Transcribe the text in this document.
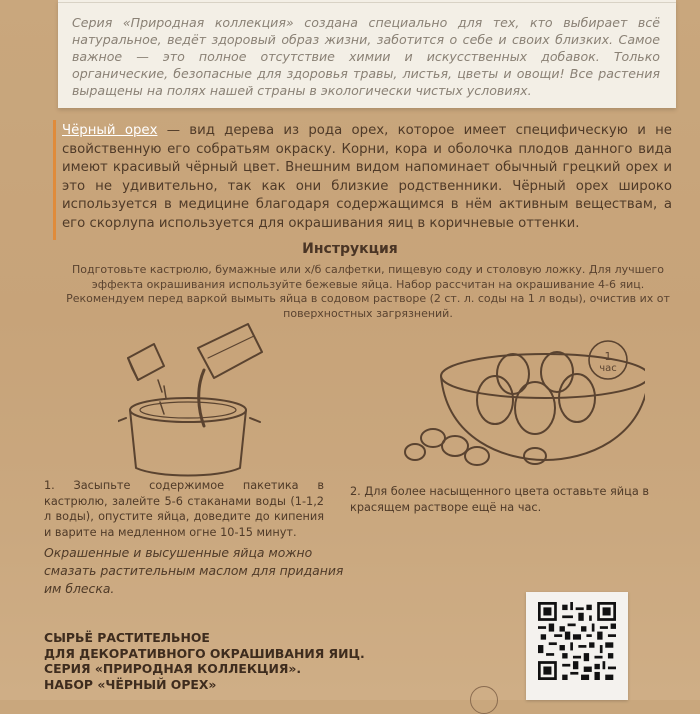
Серия «Природная коллекция» создана специально для тех, кто выбирает всё натуральное, ведёт здоровый образ жизни, заботится о себе и своих близких. Самое важное — это полное отсутствие химии и искусственных добавок. Только органические, безопасные для здоровья травы, листья, цветы и овощи! Все растения выращены на полях нашей страны в экологически чистых условиях.

Чёрный орех — вид дерева из рода орех, которое имеет специфическую и не свойственную его собратьям окраску. Корни, кора и оболочка плодов данного вида имеют красивый чёрный цвет. Внешним видом напоминает обычный грецкий орех и это не удивительно, так как они близкие родственники. Чёрный орех широко используется в медицине благодаря содержащимся в нём активным веществам, а его скорлупа используется для окрашивания яиц в коричневые оттенки.

Инструкция

Подготовьте кастрюлю, бумажные или х/б салфетки, пищевую соду и столовую ложку. Для лучшего эффекта окрашивания используйте бежевые яйца. Набор рассчитан на окрашивание 4-6 яиц. Рекомендуем перед варкой вымыть яйца в содовом растворе (2 ст. л. соды на 1 л воды), очистив их от поверхностных загрязнений.

1
час

1. Засыпьте содержимое пакетика в кастрюлю, залейте 5-6 стаканами воды (1-1,2 л воды), опустите яйца, доведите до кипения и варите на медленном огне 10-15 минут.

2. Для более насыщенного цвета оставьте яйца в красящем растворе ещё на час.

Окрашенные и высушенные яйца можно смазать растительным маслом для придания им блеска.

СЫРЬЁ РАСТИТЕЛЬНОЕ
ДЛЯ ДЕКОРАТИВНОГО ОКРАШИВАНИЯ ЯИЦ.
СЕРИЯ «ПРИРОДНАЯ КОЛЛЕКЦИЯ».
НАБОР «ЧЁРНЫЙ ОРЕХ»
